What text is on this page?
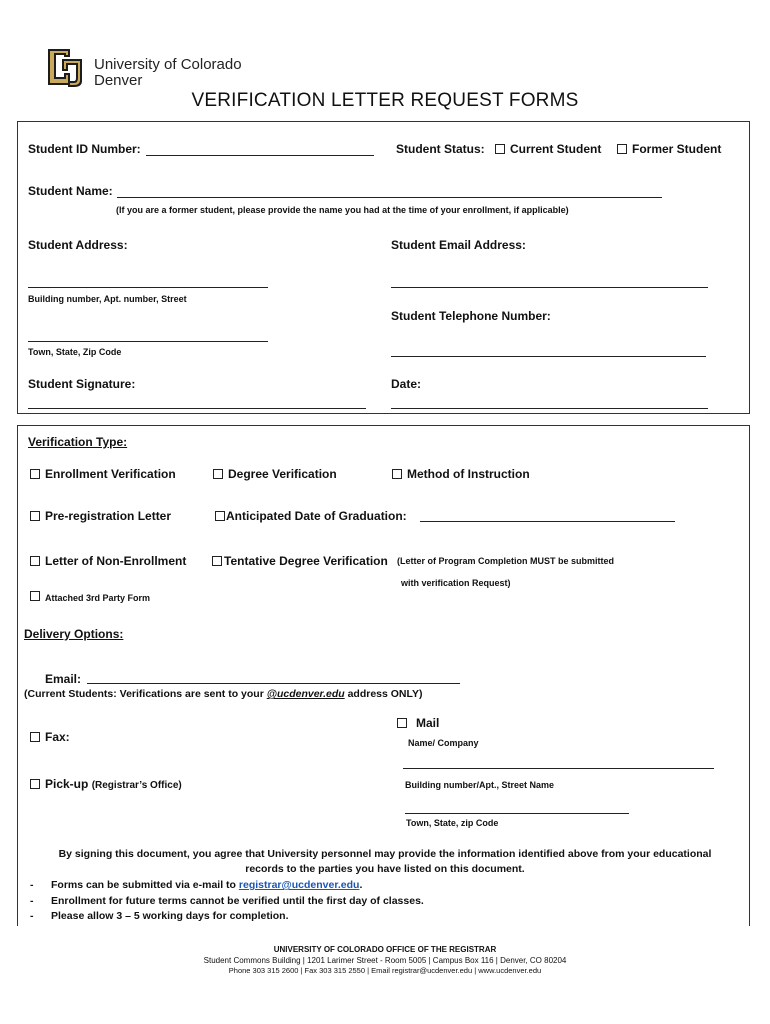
University of Colorado
Denver
VERIFICATION LETTER REQUEST FORMS
Student ID Number:	Student Status:	Current Student	Former Student
Student Name:
(If you are a former student, please provide the name you had at the time of your enrollment, if applicable)
Student Address:	Student Email Address:
Building number, Apt. number, Street
Student Telephone Number:
Town, State, Zip Code
Student Signature:	Date:
Verification Type:
Enrollment Verification	Degree Verification	Method of Instruction
Pre-registration Letter	Anticipated Date of Graduation:
Letter of Non-Enrollment	Tentative Degree Verification (Letter of Program Completion MUST be submitted
with verification Request)
Attached 3rd Party Form
Delivery Options:
Email:
(Current Students: Verifications are sent to your @ucdenver.edu address ONLY)
Mail
Name/ Company
Fax:
Pick-up (Registrar’s Office)	Building number/Apt., Street Name
Town, State, zip Code
By signing this document, you agree that University personnel may provide the information identified above from your educational
records to the parties you have listed on this document.
- Forms can be submitted via e-mail to registrar@ucdenver.edu.
- Enrollment for future terms cannot be verified until the first day of classes.
- Please allow 3 – 5 working days for completion.
UNIVERSITY OF COLORADO OFFICE OF THE REGISTRAR
Student Commons Building | 1201 Larimer Street - Room 5005 | Campus Box 116 | Denver, CO 80204
Phone 303 315 2600 | Fax 303 315 2550 | Email registrar@ucdenver.edu | www.ucdenver.edu
